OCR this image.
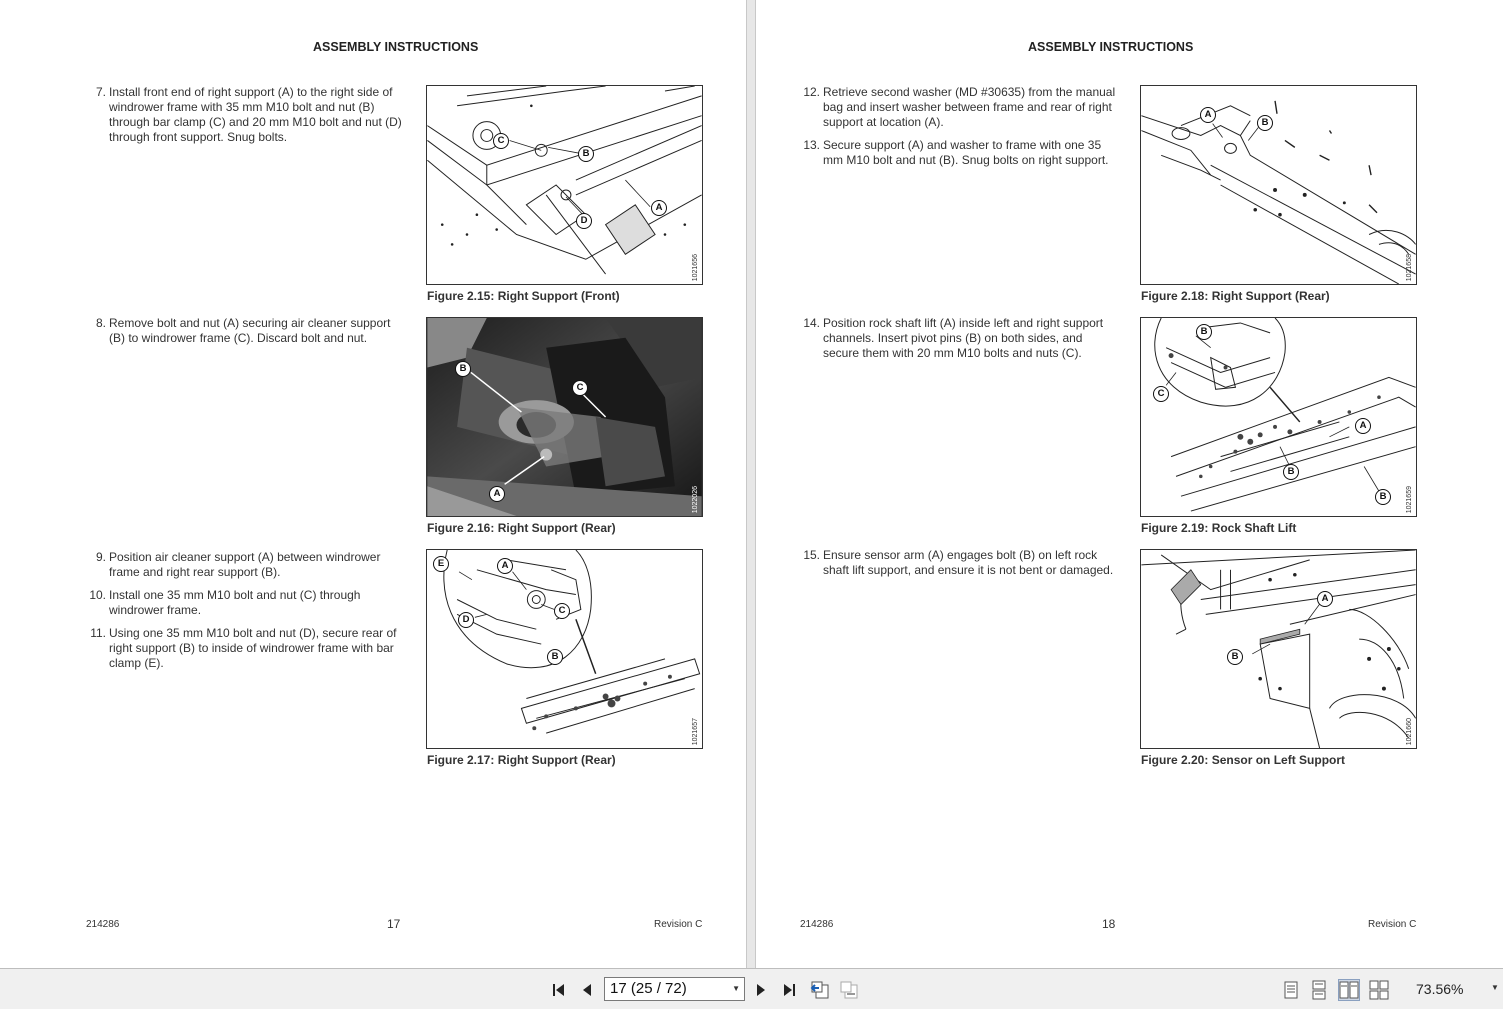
ASSEMBLY INSTRUCTIONS
7. Install front end of right support (A) to the right side of windrower frame with 35 mm M10 bolt and nut (B) through bar clamp (C) and 20 mm M10 bolt and nut (D) through front support. Snug bolts.
8. Remove bolt and nut (A) securing air cleaner support (B) to windrower frame (C). Discard bolt and nut.
9. Position air cleaner support (A) between windrower frame and right rear support (B).
10. Install one 35 mm M10 bolt and nut (C) through windrower frame.
11. Using one 35 mm M10 bolt and nut (D), secure rear of right support (B) to inside of windrower frame with bar clamp (E).
C
B
A
D
1021656
Figure 2.15: Right Support (Front)
B
C
A	1022026
Figure 2.16: Right Support (Rear)
E	A
C
D
B
1021657
Figure 2.17: Right Support (Rear)
214286	17	Revision C
ASSEMBLY INSTRUCTIONS
12. Retrieve second washer (MD #30635) from the manual bag and insert washer between frame and rear of right support at location (A).
13. Secure support (A) and washer to frame with one 35 mm M10 bolt and nut (B). Snug bolts on right support.
14. Position rock shaft lift (A) inside left and right support channels. Insert pivot pins (B) on both sides, and secure them with 20 mm M10 bolts and nuts (C).
15. Ensure sensor arm (A) engages bolt (B) on left rock shaft lift support, and ensure it is not bent or damaged.
A
B
1021658
Figure 2.18: Right Support (Rear)
B
C
A
B
B	1021659
Figure 2.19: Rock Shaft Lift
A
B
1021660
Figure 2.20: Sensor on Left Support
214286	18	Revision C
17 (25 / 72)	▼	73.56%	▼
